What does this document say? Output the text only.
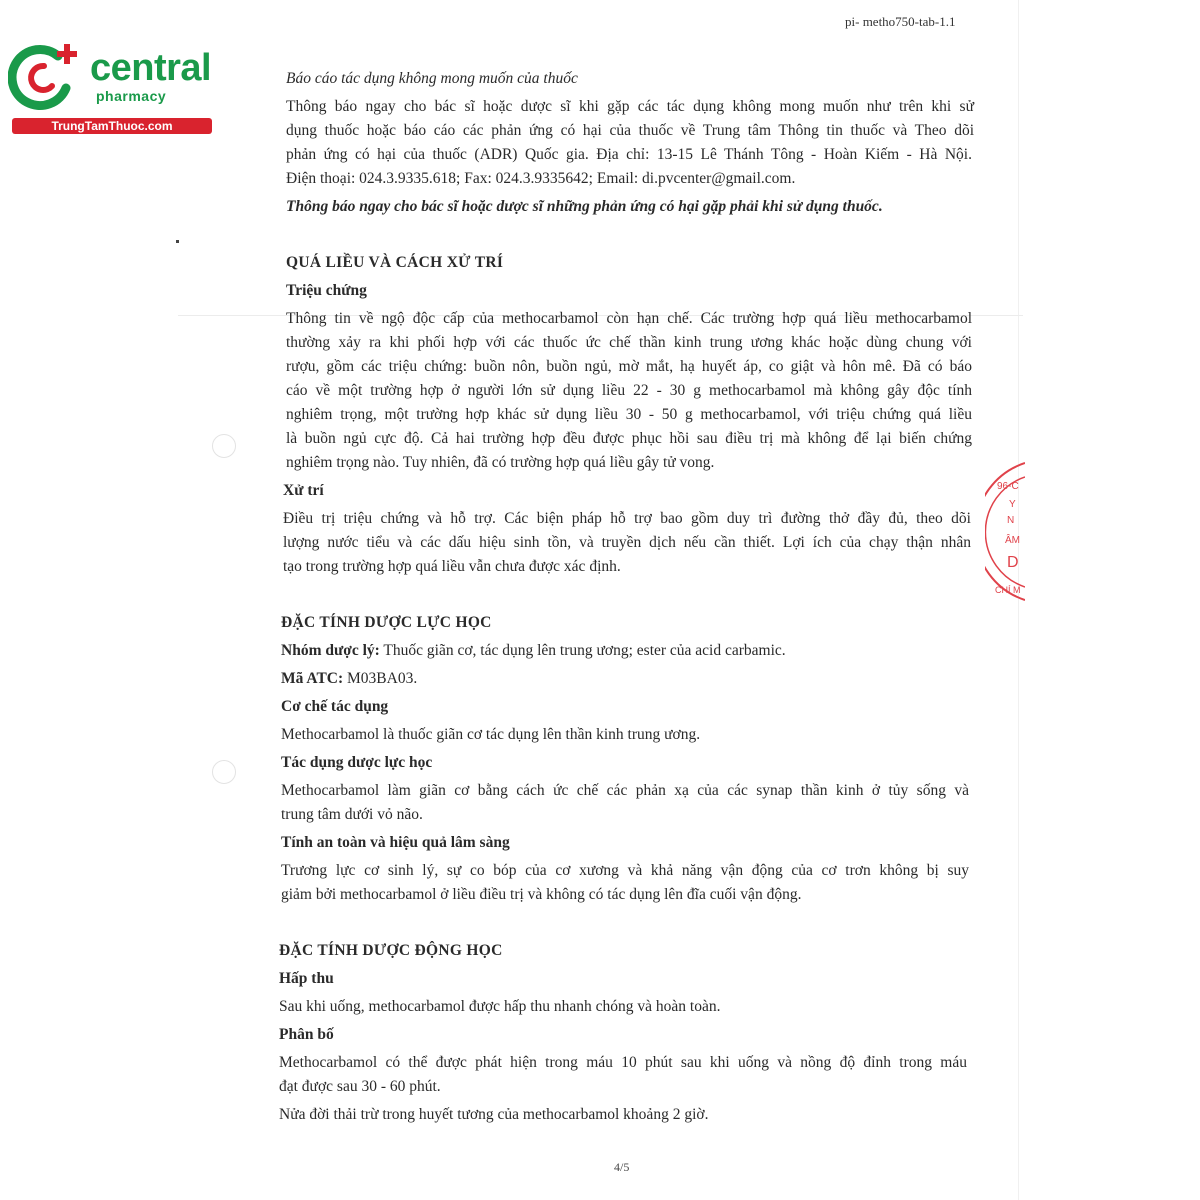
pi- metho750-tab-1.1
central
pharmacy
TrungTamThuoc.com
Báo cáo tác dụng không mong muốn của thuốc
Thông báo ngay cho bác sĩ hoặc dược sĩ khi gặp các tác dụng không mong muốn như trên khi sử
dụng thuốc hoặc báo cáo các phản ứng có hại của thuốc về Trung tâm Thông tin thuốc và Theo dõi
phản ứng có hại của thuốc (ADR) Quốc gia. Địa chỉ: 13-15 Lê Thánh Tông - Hoàn Kiếm - Hà Nội.
Điện thoại: 024.3.9335.618; Fax: 024.3.9335642; Email: di.pvcenter@gmail.com.
Thông báo ngay cho bác sĩ hoặc dược sĩ những phản ứng có hại gặp phải khi sử dụng thuốc.
QUÁ LIỀU VÀ CÁCH XỬ TRÍ
Triệu chứng
Thông tin về ngộ độc cấp của methocarbamol còn hạn chế. Các trường hợp quá liều methocarbamol
thường xảy ra khi phối hợp với các thuốc ức chế thần kinh trung ương khác hoặc dùng chung với
rượu, gồm các triệu chứng: buồn nôn, buồn ngủ, mờ mắt, hạ huyết áp, co giật và hôn mê. Đã có báo
cáo về một trường hợp ở người lớn sử dụng liều 22 - 30 g methocarbamol mà không gây độc tính
nghiêm trọng, một trường hợp khác sử dụng liều 30 - 50 g methocarbamol, với triệu chứng quá liều
là buồn ngủ cực độ. Cả hai trường hợp đều được phục hồi sau điều trị mà không để lại biến chứng
nghiêm trọng nào. Tuy nhiên, đã có trường hợp quá liều gây tử vong.
Xử trí
Điều trị triệu chứng và hỗ trợ. Các biện pháp hỗ trợ bao gồm duy trì đường thở đầy đủ, theo dõi
lượng nước tiểu và các dấu hiệu sinh tồn, và truyền dịch nếu cần thiết. Lợi ích của chạy thận nhân
tạo trong trường hợp quá liều vẫn chưa được xác định.
ĐẶC TÍNH DƯỢC LỰC HỌC
Nhóm dược lý: Thuốc giãn cơ, tác dụng lên trung ương; ester của acid carbamic.
Mã ATC: M03BA03.
Cơ chế tác dụng
Methocarbamol là thuốc giãn cơ tác dụng lên thần kinh trung ương.
Tác dụng dược lực học
Methocarbamol làm giãn cơ bằng cách ức chế các phản xạ của các synap thần kinh ở tủy sống và
trung tâm dưới vỏ não.
Tính an toàn và hiệu quả lâm sàng
Trương lực cơ sinh lý, sự co bóp của cơ xương và khả năng vận động của cơ trơn không bị suy
giảm bởi methocarbamol ở liều điều trị và không có tác dụng lên đĩa cuối vận động.
ĐẶC TÍNH DƯỢC ĐỘNG HỌC
Hấp thu
Sau khi uống, methocarbamol được hấp thu nhanh chóng và hoàn toàn.
Phân bố
Methocarbamol có thể được phát hiện trong máu 10 phút sau khi uống và nồng độ đỉnh trong máu
đạt được sau 30 - 60 phút.
Nửa đời thải trừ trong huyết tương của methocarbamol khoảng 2 giờ.
96-C
Y
N
ÂM
D
CHÍ M
4/5
